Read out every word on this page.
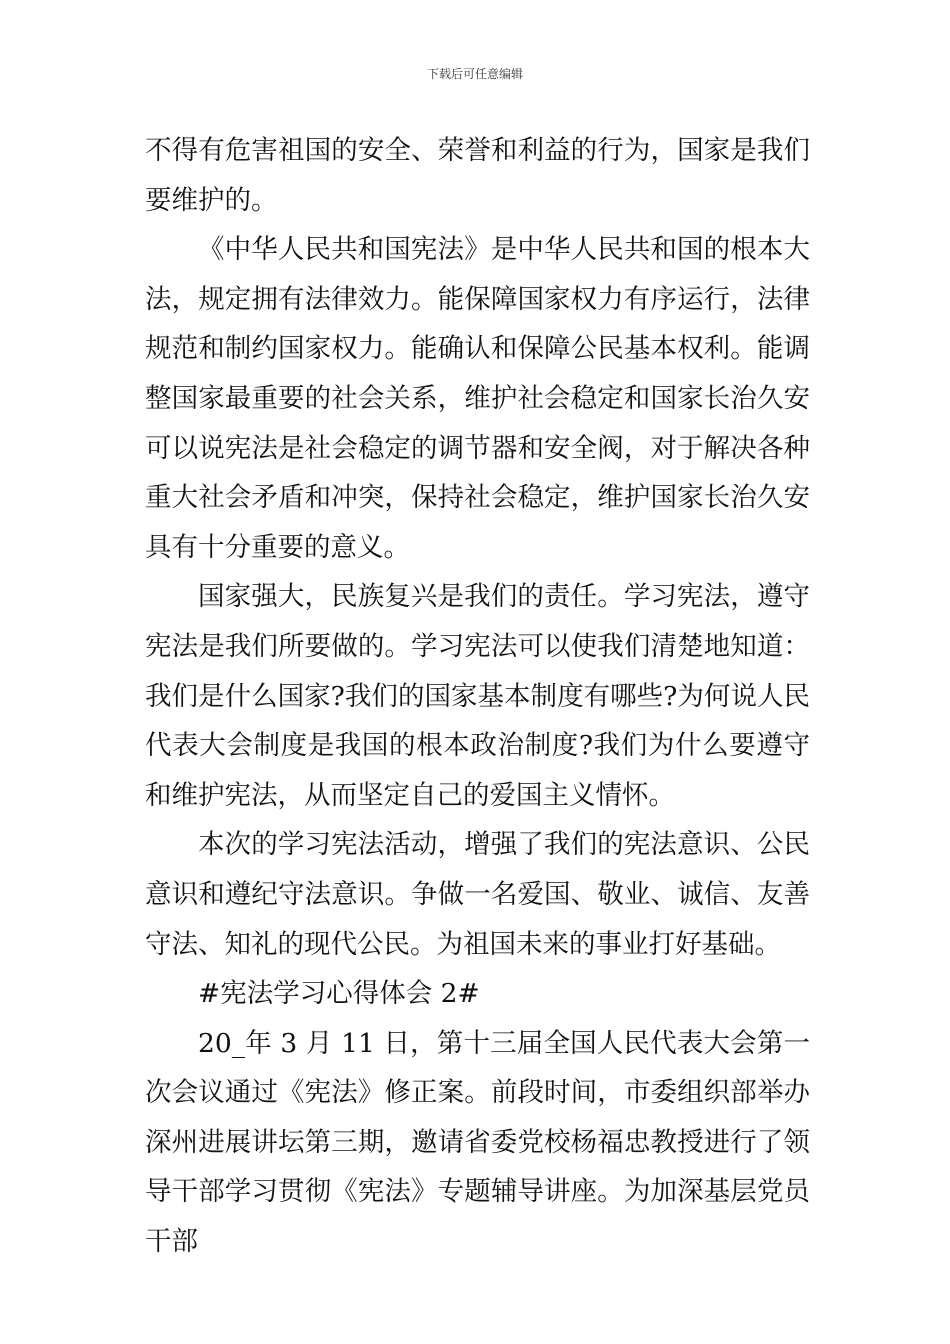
下载后可任意编辑

不得有危害祖国的安全、荣誉和利益的行为，国家是我们要维护的。

《中华人民共和国宪法》是中华人民共和国的根本大法，规定拥有法律效力。能保障国家权力有序运行，法律规范和制约国家权力。能确认和保障公民基本权利。能调整国家最重要的社会关系，维护社会稳定和国家长治久安可以说宪法是社会稳定的调节器和安全阀，对于解决各种重大社会矛盾和冲突，保持社会稳定，维护国家长治久安具有十分重要的意义。

国家强大，民族复兴是我们的责任。学习宪法，遵守宪法是我们所要做的。学习宪法可以使我们清楚地知道：我们是什么国家?我们的国家基本制度有哪些?为何说人民代表大会制度是我国的根本政治制度?我们为什么要遵守和维护宪法，从而坚定自己的爱国主义情怀。

本次的学习宪法活动，增强了我们的宪法意识、公民意识和遵纪守法意识。争做一名爱国、敬业、诚信、友善守法、知礼的现代公民。为祖国未来的事业打好基础。

#宪法学习心得体会 2#

20_年 3 月 11 日，第十三届全国人民代表大会第一次会议通过《宪法》修正案。前段时间，市委组织部举办深州进展讲坛第三期，邀请省委党校杨福忠教授进行了领导干部学习贯彻《宪法》专题辅导讲座。为加深基层党员干部
